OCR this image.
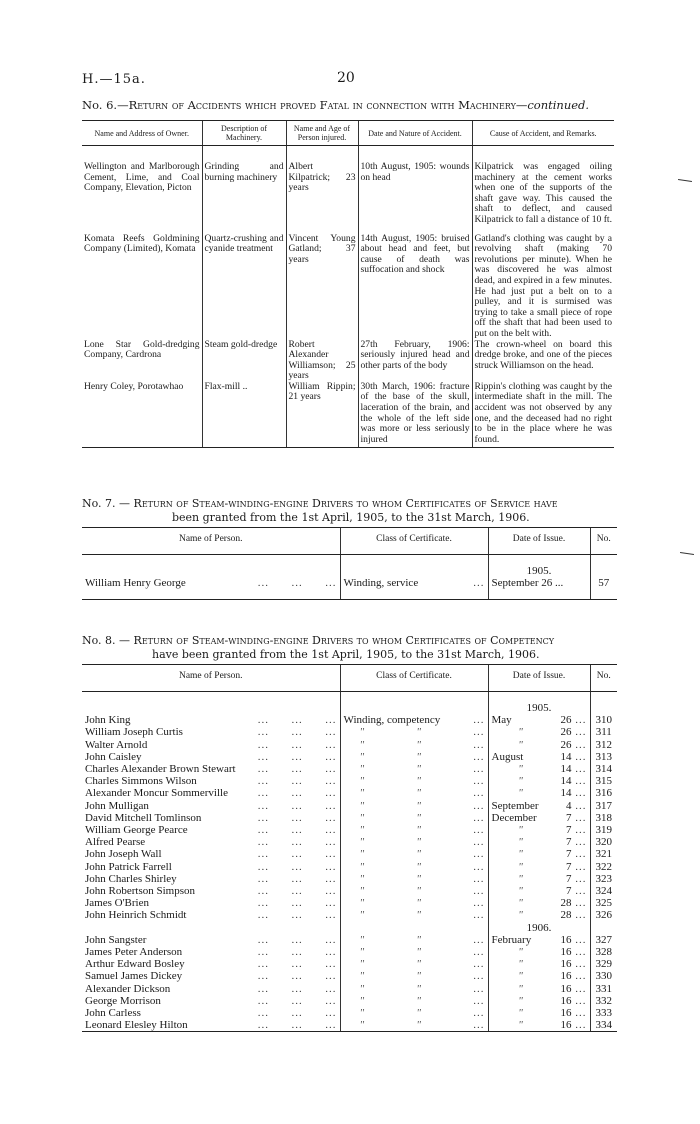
H.—15a.	20
No. 6.—Return of Accidents which proved Fatal in connection with Machinery—continued.
Name and Address of Owner.	Description of Machinery.	Name and Age of Person injured.	Date and Nature of Accident.	Cause of Accident, and Remarks.

Wellington and Marlborough Cement, Lime, and Coal Company, Elevation, Picton	Grinding and burning machinery	Albert Kilpatrick; 23 years	10th August, 1905: wounds on head	Kilpatrick was engaged oiling machinery at the cement works when one of the supports of the shaft gave way. This caused the shaft to deflect, and caused Kilpatrick to fall a distance of 10 ft.
Komata Reefs Goldmining Company (Limited), Komata	Quartz-crushing and cyanide treatment	Vincent Young Gatland; 37 years	14th August, 1905: bruised about head and feet, but cause of death was suffocation and shock	Gatland's clothing was caught by a revolving shaft (making 70 revolutions per minute). When he was discovered he was almost dead, and expired in a few minutes. He had just put a belt on to a pulley, and it is surmised was trying to take a small piece of rope off the shaft that had been used to put on the belt with.
Lone Star Gold-dredging Company, Cardrona	Steam gold-dredge	Robert Alexander Williamson; 25 years	27th February, 1906: seriously injured head and other parts of the body	The crown-wheel on board this dredge broke, and one of the pieces struck Williamson on the head.
Henry Coley, Porotawhao	Flax-mill ..	William Rippin; 21 years	30th March, 1906: fracture of the base of the skull, laceration of the brain, and the whole of the left side was more or less seriously injured	Rippin's clothing was caught by the intermediate shaft in the mill. The accident was not observed by any one, and the deceased had no right to be in the place where he was found.
No. 7. — Return of Steam-winding-engine Drivers to whom Certificates of Service have
been granted from the 1st April, 1905, to the 31st March, 1906.
Name of Person.	Class of Certificate.	Date of Issue.	No.

		1905.	

William Henry George ...      ...      ...	Winding, service ...	September 26 ...	57
No. 8. — Return of Steam-winding-engine Drivers to whom Certificates of Competency
have been granted from the 1st April, 1905, to the 31st March, 1906.
Name of Person.	Class of Certificate.	Date of Issue.	No.

		1905.	

John King ...      ...      ...	Winding, competency ...	May 26 ...	310

William Joseph Curtis ...      ...      ...	" " ...	" 26 ...	311

Walter Arnold ...      ...      ...	" " ...	" 26 ...	312

John Caisley ...      ...      ...	" " ...	August 14 ...	313

Charles Alexander Brown Stewart ...      ...      ...	" " ...	" 14 ...	314

Charles Simmons Wilson ...      ...      ...	" " ...	" 14 ...	315

Alexander Moncur Sommerville ...      ...      ...	" " ...	" 14 ...	316

John Mulligan ...      ...      ...	" " ...	September 4 ...	317

David Mitchell Tomlinson ...      ...      ...	" " ...	December 7 ...	318

William George Pearce ...      ...      ...	" " ...	" 7 ...	319

Alfred Pearse ...      ...      ...	" " ...	" 7 ...	320

John Joseph Wall ...      ...      ...	" " ...	" 7 ...	321

John Patrick Farrell ...      ...      ...	" " ...	" 7 ...	322

John Charles Shirley ...      ...      ...	" " ...	" 7 ...	323

John Robertson Simpson ...      ...      ...	" " ...	" 7 ...	324

James O'Brien ...      ...      ...	" " ...	" 28 ...	325

John Heinrich Schmidt ...      ...      ...	" " ...	" 28 ...	326
		1906.	

John Sangster ...      ...      ...	" " ...	February 16 ...	327

James Peter Anderson ...      ...      ...	" " ...	" 16 ...	328

Arthur Edward Bosley ...      ...      ...	" " ...	" 16 ...	329

Samuel James Dickey ...      ...      ...	" " ...	" 16 ...	330

Alexander Dickson ...      ...      ...	" " ...	" 16 ...	331

George Morrison ...      ...      ...	" " ...	" 16 ...	332

John Carless ...      ...      ...	" " ...	" 16 ...	333

Leonard Elesley Hilton ...      ...      ...	" " ...	" 16 ...	334
